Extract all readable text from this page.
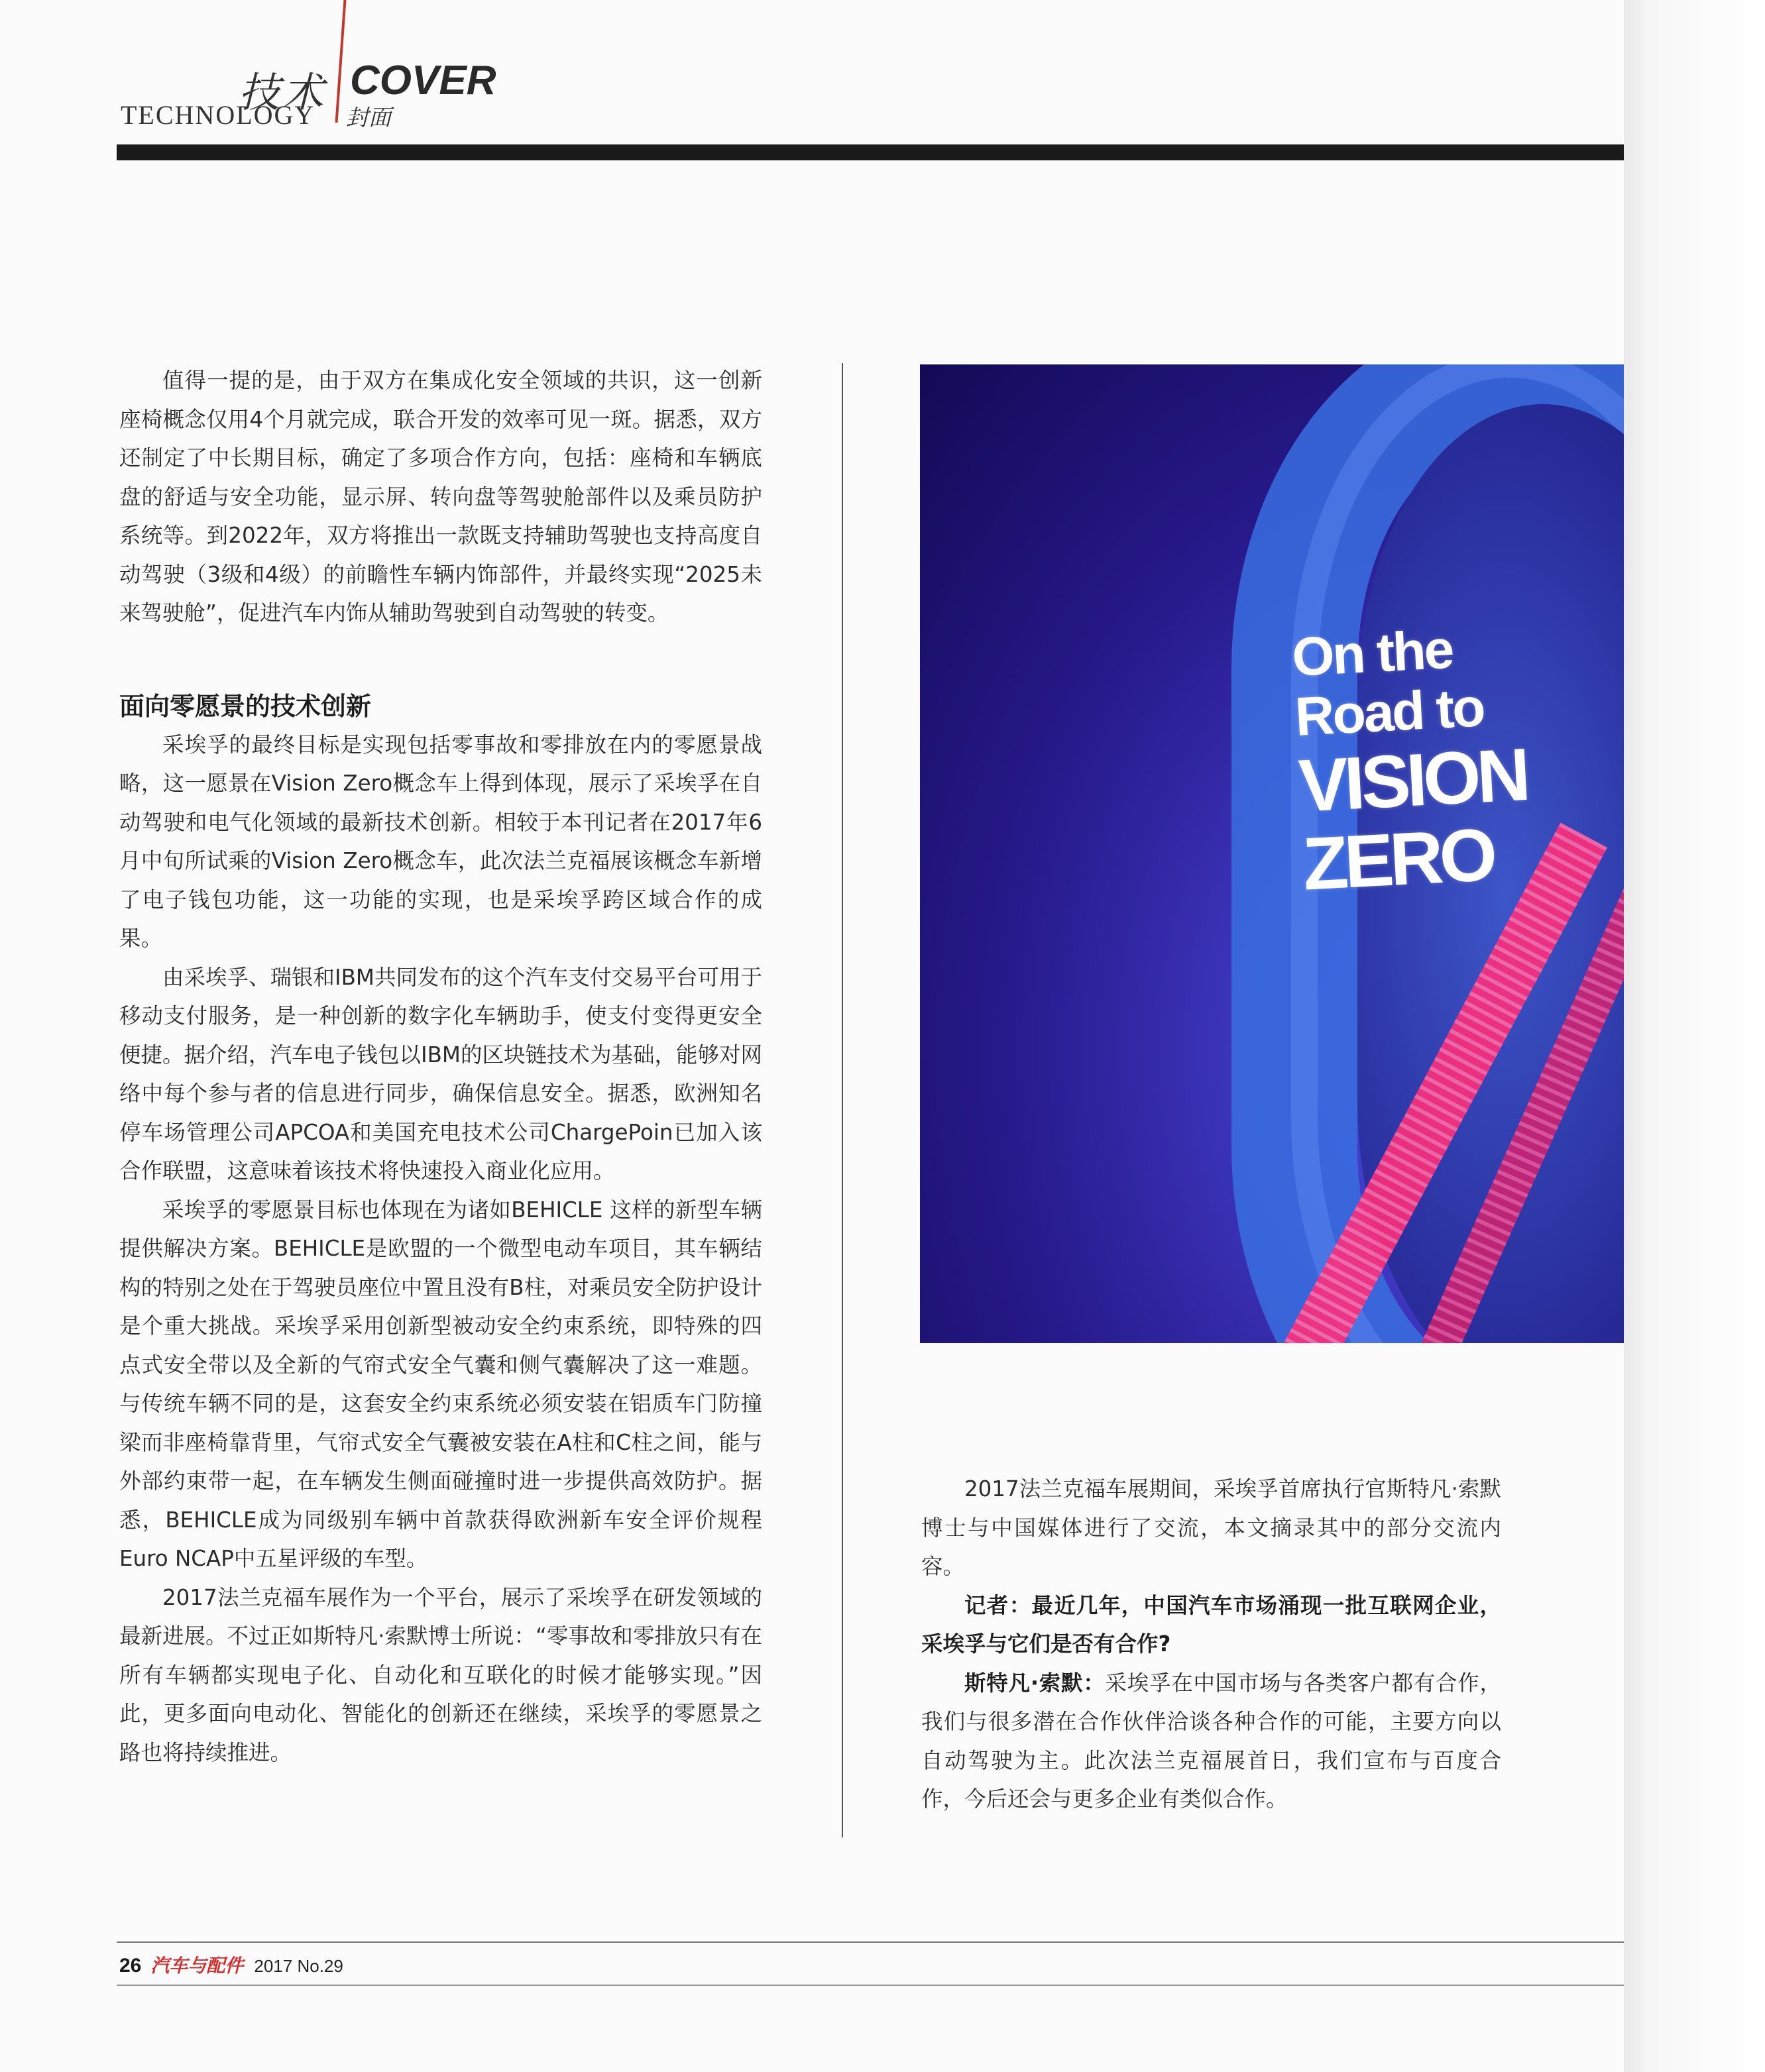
技术
TECHNOLOGY
COVER
封面

值得一提的是，由于双方在集成化安全领域的共识，这一创新座椅概念仅用4个月就完成，联合开发的效率可见一斑。据悉，双方还制定了中长期目标，确定了多项合作方向，包括：座椅和车辆底盘的舒适与安全功能，显示屏、转向盘等驾驶舱部件以及乘员防护系统等。到2022年，双方将推出一款既支持辅助驾驶也支持高度自动驾驶（3级和4级）的前瞻性车辆内饰部件，并最终实现“2025未来驾驶舱”，促进汽车内饰从辅助驾驶到自动驾驶的转变。

面向零愿景的技术创新

采埃孚的最终目标是实现包括零事故和零排放在内的零愿景战略，这一愿景在Vision Zero概念车上得到体现，展示了采埃孚在自动驾驶和电气化领域的最新技术创新。相较于本刊记者在2017年6月中旬所试乘的Vision Zero概念车，此次法兰克福展该概念车新增了电子钱包功能，这一功能的实现，也是采埃孚跨区域合作的成果。

由采埃孚、瑞银和IBM共同发布的这个汽车支付交易平台可用于移动支付服务，是一种创新的数字化车辆助手，使支付变得更安全便捷。据介绍，汽车电子钱包以IBM的区块链技术为基础，能够对网络中每个参与者的信息进行同步，确保信息安全。据悉，欧洲知名停车场管理公司APCOA和美国充电技术公司ChargePoin已加入该合作联盟，这意味着该技术将快速投入商业化应用。

采埃孚的零愿景目标也体现在为诸如BEHICLE 这样的新型车辆提供解决方案。BEHICLE是欧盟的一个微型电动车项目，其车辆结构的特别之处在于驾驶员座位中置且没有B柱，对乘员安全防护设计是个重大挑战。采埃孚采用创新型被动安全约束系统，即特殊的四点式安全带以及全新的气帘式安全气囊和侧气囊解决了这一难题。与传统车辆不同的是，这套安全约束系统必须安装在铝质车门防撞梁而非座椅靠背里，气帘式安全气囊被安装在A柱和C柱之间，能与外部约束带一起，在车辆发生侧面碰撞时进一步提供高效防护。据悉，BEHICLE成为同级别车辆中首款获得欧洲新车安全评价规程Euro NCAP中五星评级的车型。

2017法兰克福车展作为一个平台，展示了采埃孚在研发领域的最新进展。不过正如斯特凡·索默博士所说：“零事故和零排放只有在所有车辆都实现电子化、自动化和互联化的时候才能够实现。”因此，更多面向电动化、智能化的创新还在继续，采埃孚的零愿景之路也将持续推进。

On the
Road to
VISION
ZERO

2017法兰克福车展期间，采埃孚首席执行官斯特凡·索默博士与中国媒体进行了交流，本文摘录其中的部分交流内容。

记者：最近几年，中国汽车市场涌现一批互联网企业，采埃孚与它们是否有合作?

斯特凡·索默：采埃孚在中国市场与各类客户都有合作，我们与很多潜在合作伙伴洽谈各种合作的可能，主要方向以自动驾驶为主。此次法兰克福展首日，我们宣布与百度合作，今后还会与更多企业有类似合作。

26 汽车与配件 2017 No.29
